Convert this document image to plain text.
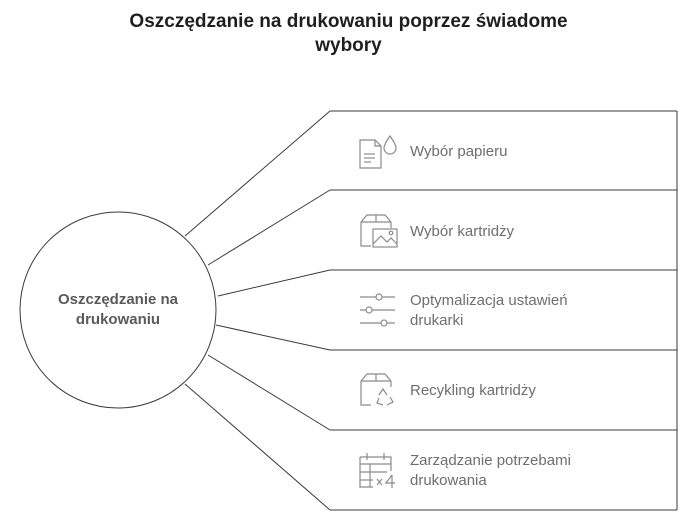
Oszczędzanie na drukowaniu poprzez świadome
wybory
Oszczędzanie na
drukowaniu
Wybór papieru
Wybór kartridży
Optymalizacja ustawień
drukarki
Recykling kartridży
Zarządzanie potrzebami
drukowania
